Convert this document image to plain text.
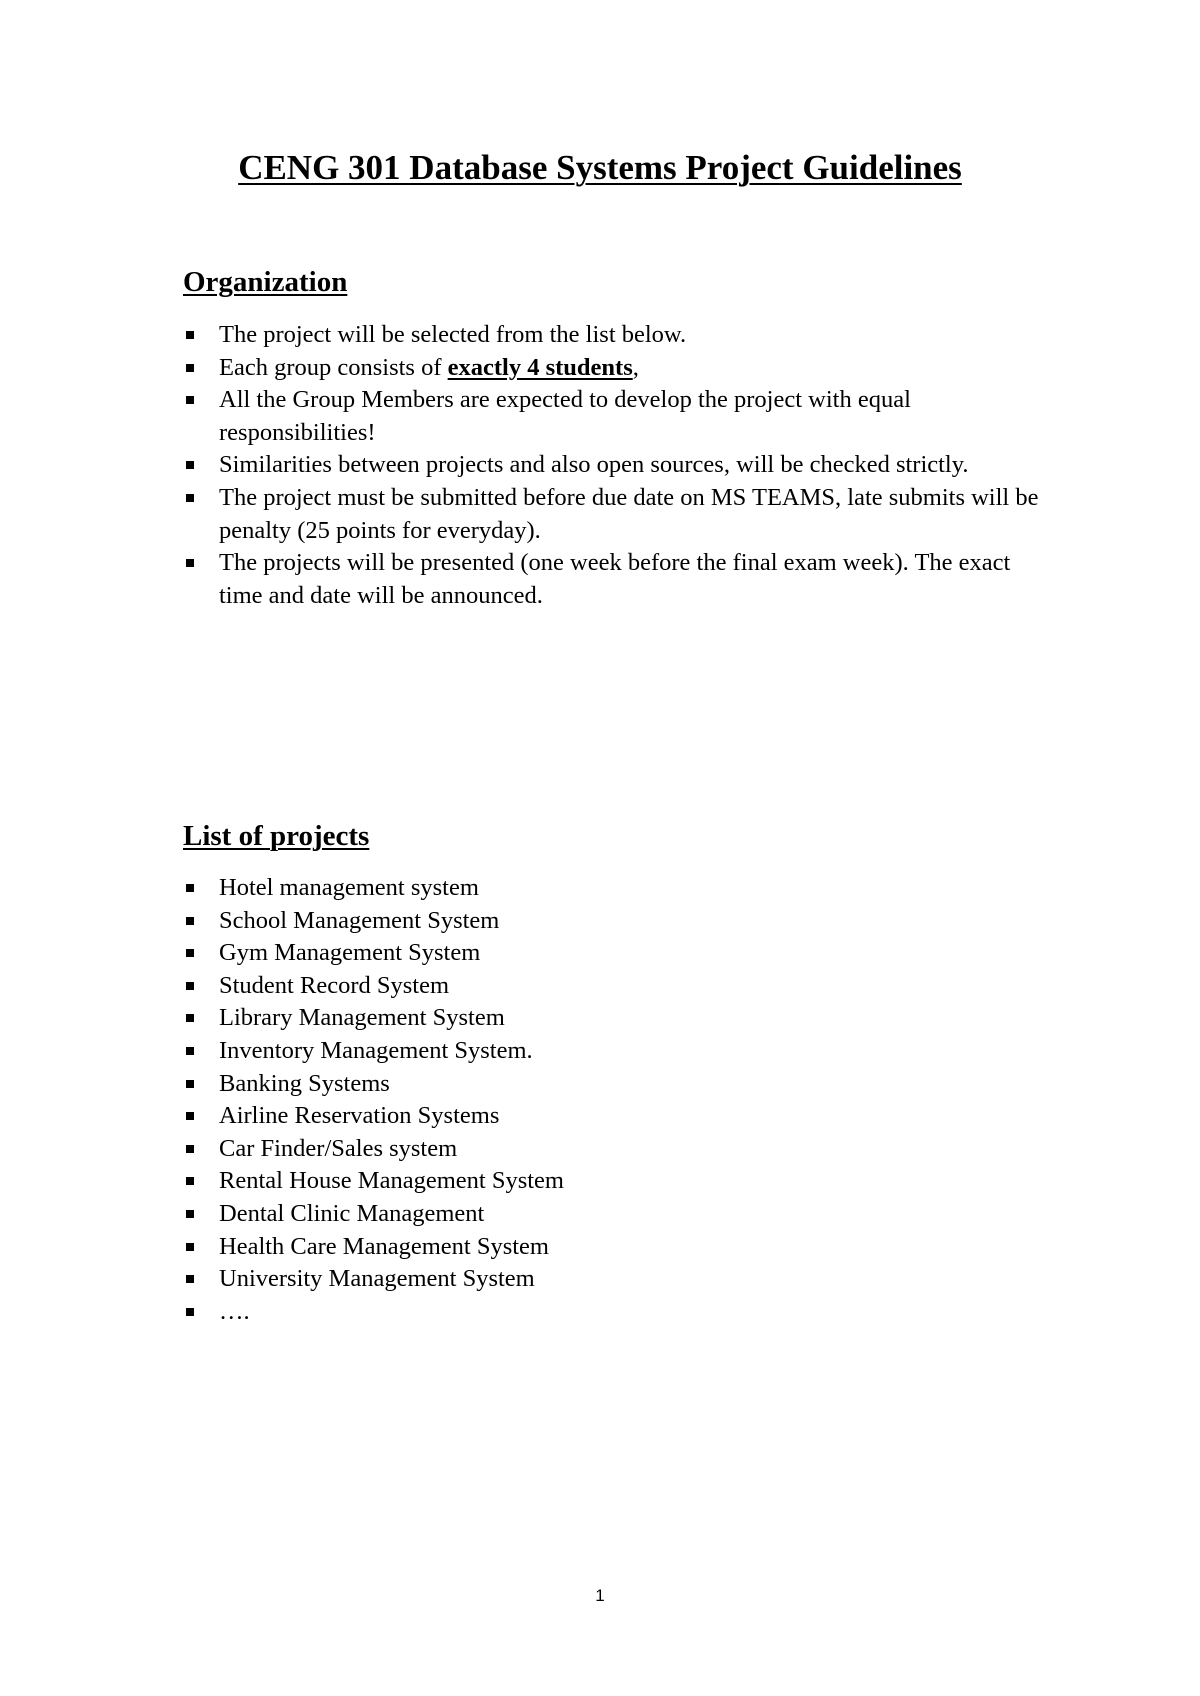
CENG 301 Database Systems Project Guidelines
Organization
The project will be selected from the list below.
Each group consists of exactly 4 students,
All the Group Members are expected to develop the project with equal responsibilities!
Similarities between projects and also open sources, will be checked strictly.
The project must be submitted before due date on MS TEAMS, late submits will be penalty (25 points for everyday).
The projects will be presented (one week before the final exam week). The exact time and date will be announced.
List of projects
Hotel management system
School Management System
Gym Management System
Student Record System
Library Management System
Inventory Management System.
Banking Systems
Airline Reservation Systems
Car Finder/Sales system
Rental House Management System
Dental Clinic Management
Health Care Management System
University Management System
….
1
